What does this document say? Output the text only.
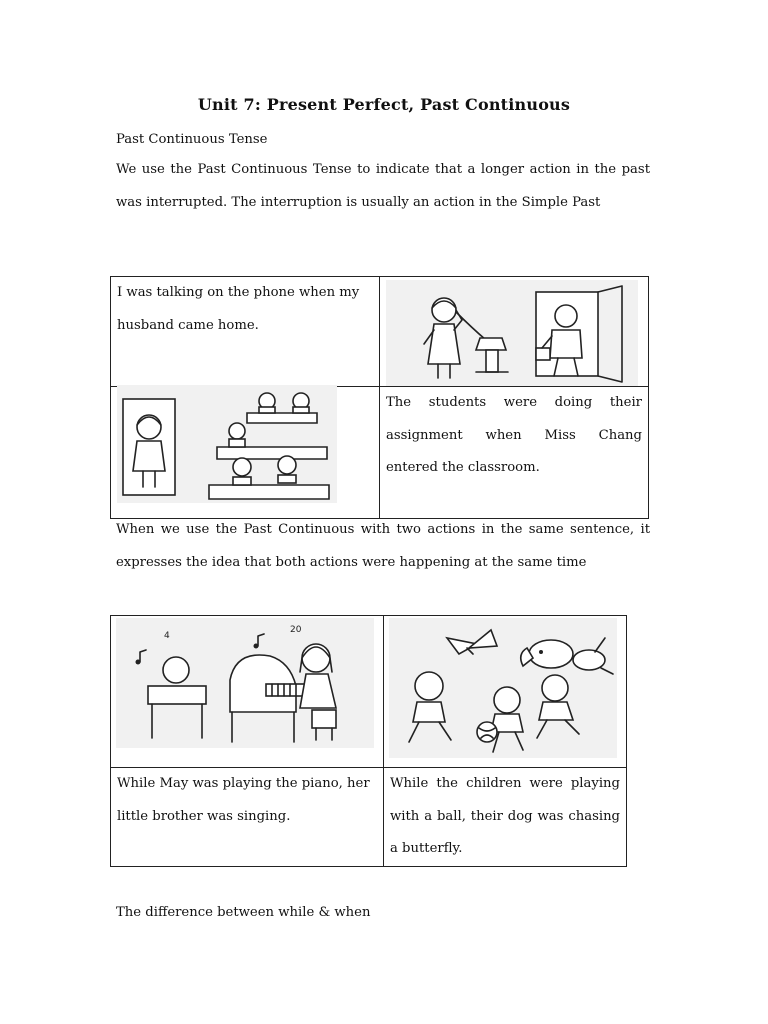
Unit 7: Present Perfect, Past Continuous

Past Continuous Tense

We use the Past Continuous Tense to indicate that a longer action in the past was interrupted. The interruption is usually an action in the Simple Past

I was talking on the phone when my husband came home.

The students were doing their assignment when Miss Chang entered the classroom.

When we use the Past Continuous with two actions in the same sentence, it expresses the idea that both actions were happening at the same time

4
20

While May was playing the piano, her little brother was singing.	While the children were playing with a ball, their dog was chasing a butterfly.

The difference between while & when
